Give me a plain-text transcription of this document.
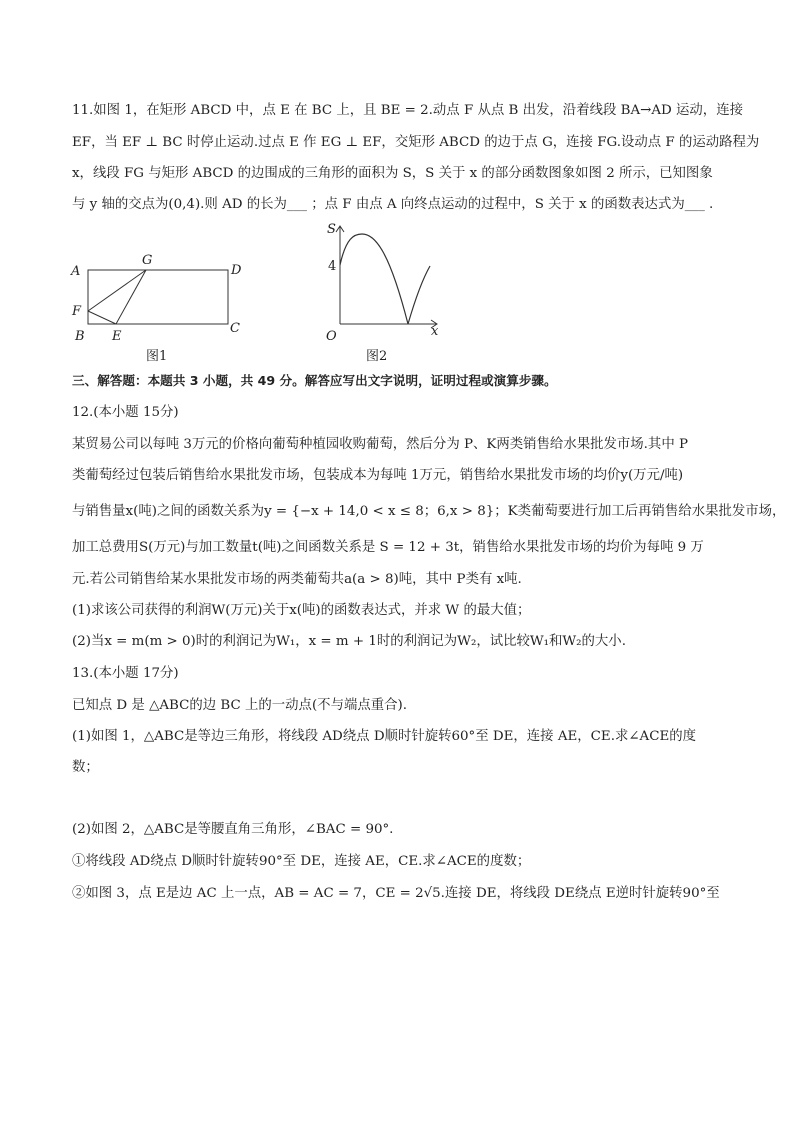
11.如图 1，在矩形 ABCD 中，点 E 在 BC 上，且 BE = 2.动点 F 从点 B 出发，沿着线段 BA→AD 运动，连接
EF，当 EF ⊥ BC 时停止运动.过点 E 作 EG ⊥ EF，交矩形 ABCD 的边于点 G，连接 FG.设动点 F 的运动路程为
x，线段 FG 与矩形 ABCD 的边围成的三角形的面积为 S，S 关于 x 的部分函数图象如图 2 所示，已知图象
与 y 轴的交点为(0,4).则 AD 的长为___ ；点 F 由点 A 向终点运动的过程中，S 关于 x 的函数表达式为___ .
A	D
G
F
C
B E
图1
S
4
O	x
图2
三、解答题：本题共 3 小题，共 49 分。解答应写出文字说明，证明过程或演算步骤。
12.(本小题 15分)
某贸易公司以每吨 3万元的价格向葡萄种植园收购葡萄，然后分为 P、K两类销售给水果批发市场.其中 P
类葡萄经过包装后销售给水果批发市场，包装成本为每吨 1万元，销售给水果批发市场的均价y(万元/吨)
与销售量x(吨)之间的函数关系为y = {−x + 14,0 < x ≤ 8；6,x > 8}；K类葡萄要进行加工后再销售给水果批发市场，
加工总费用S(万元)与加工数量t(吨)之间函数关系是 S = 12 + 3t，销售给水果批发市场的均价为每吨 9 万
元.若公司销售给某水果批发市场的两类葡萄共a(a > 8)吨，其中 P类有 x吨.
(1)求该公司获得的利润W(万元)关于x(吨)的函数表达式，并求 W 的最大值；
(2)当x = m(m > 0)时的利润记为W₁，x = m + 1时的利润记为W₂，试比较W₁和W₂的大小.
13.(本小题 17分)
已知点 D 是 △ABC的边 BC 上的一动点(不与端点重合).
(1)如图 1，△ABC是等边三角形，将线段 AD绕点 D顺时针旋转60°至 DE，连接 AE，CE.求∠ACE的度
数；
(2)如图 2，△ABC是等腰直角三角形，∠BAC = 90°.
①将线段 AD绕点 D顺时针旋转90°至 DE，连接 AE，CE.求∠ACE的度数；
②如图 3，点 E是边 AC 上一点，AB = AC = 7，CE = 2√5.连接 DE，将线段 DE绕点 E逆时针旋转90°至
